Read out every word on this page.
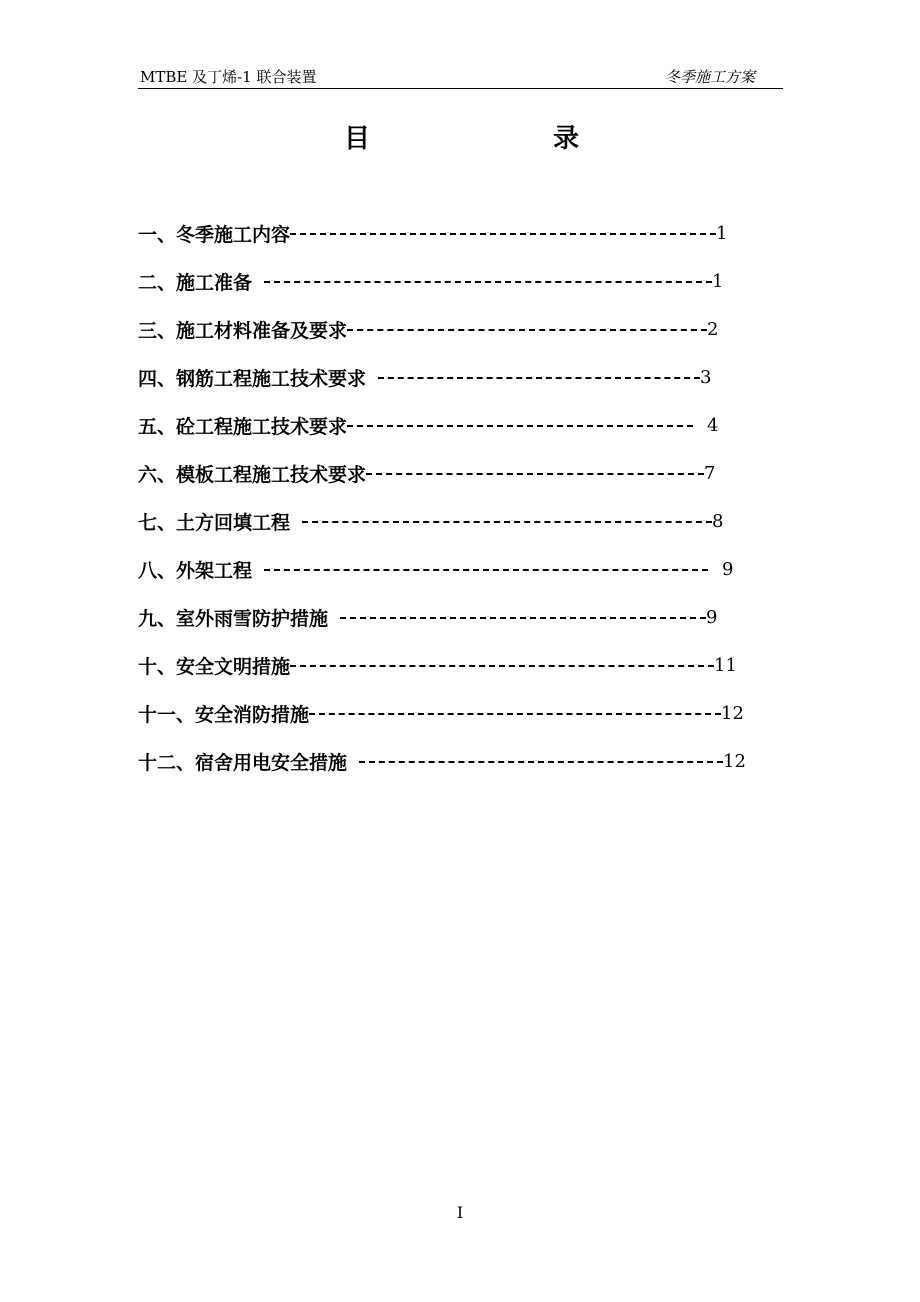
MTBE 及丁烯-1 联合装置	冬季施工方案
目	录
一、冬季施工内容	1
二、施工准备	1
三、施工材料准备及要求	2
四、钢筋工程施工技术要求	3
五、砼工程施工技术要求	4
六、模板工程施工技术要求	7
七、土方回填工程	8
八、外架工程	9
九、室外雨雪防护措施	9
十、安全文明措施	11
十一、安全消防措施	12
十二、宿舍用电安全措施	12
I
